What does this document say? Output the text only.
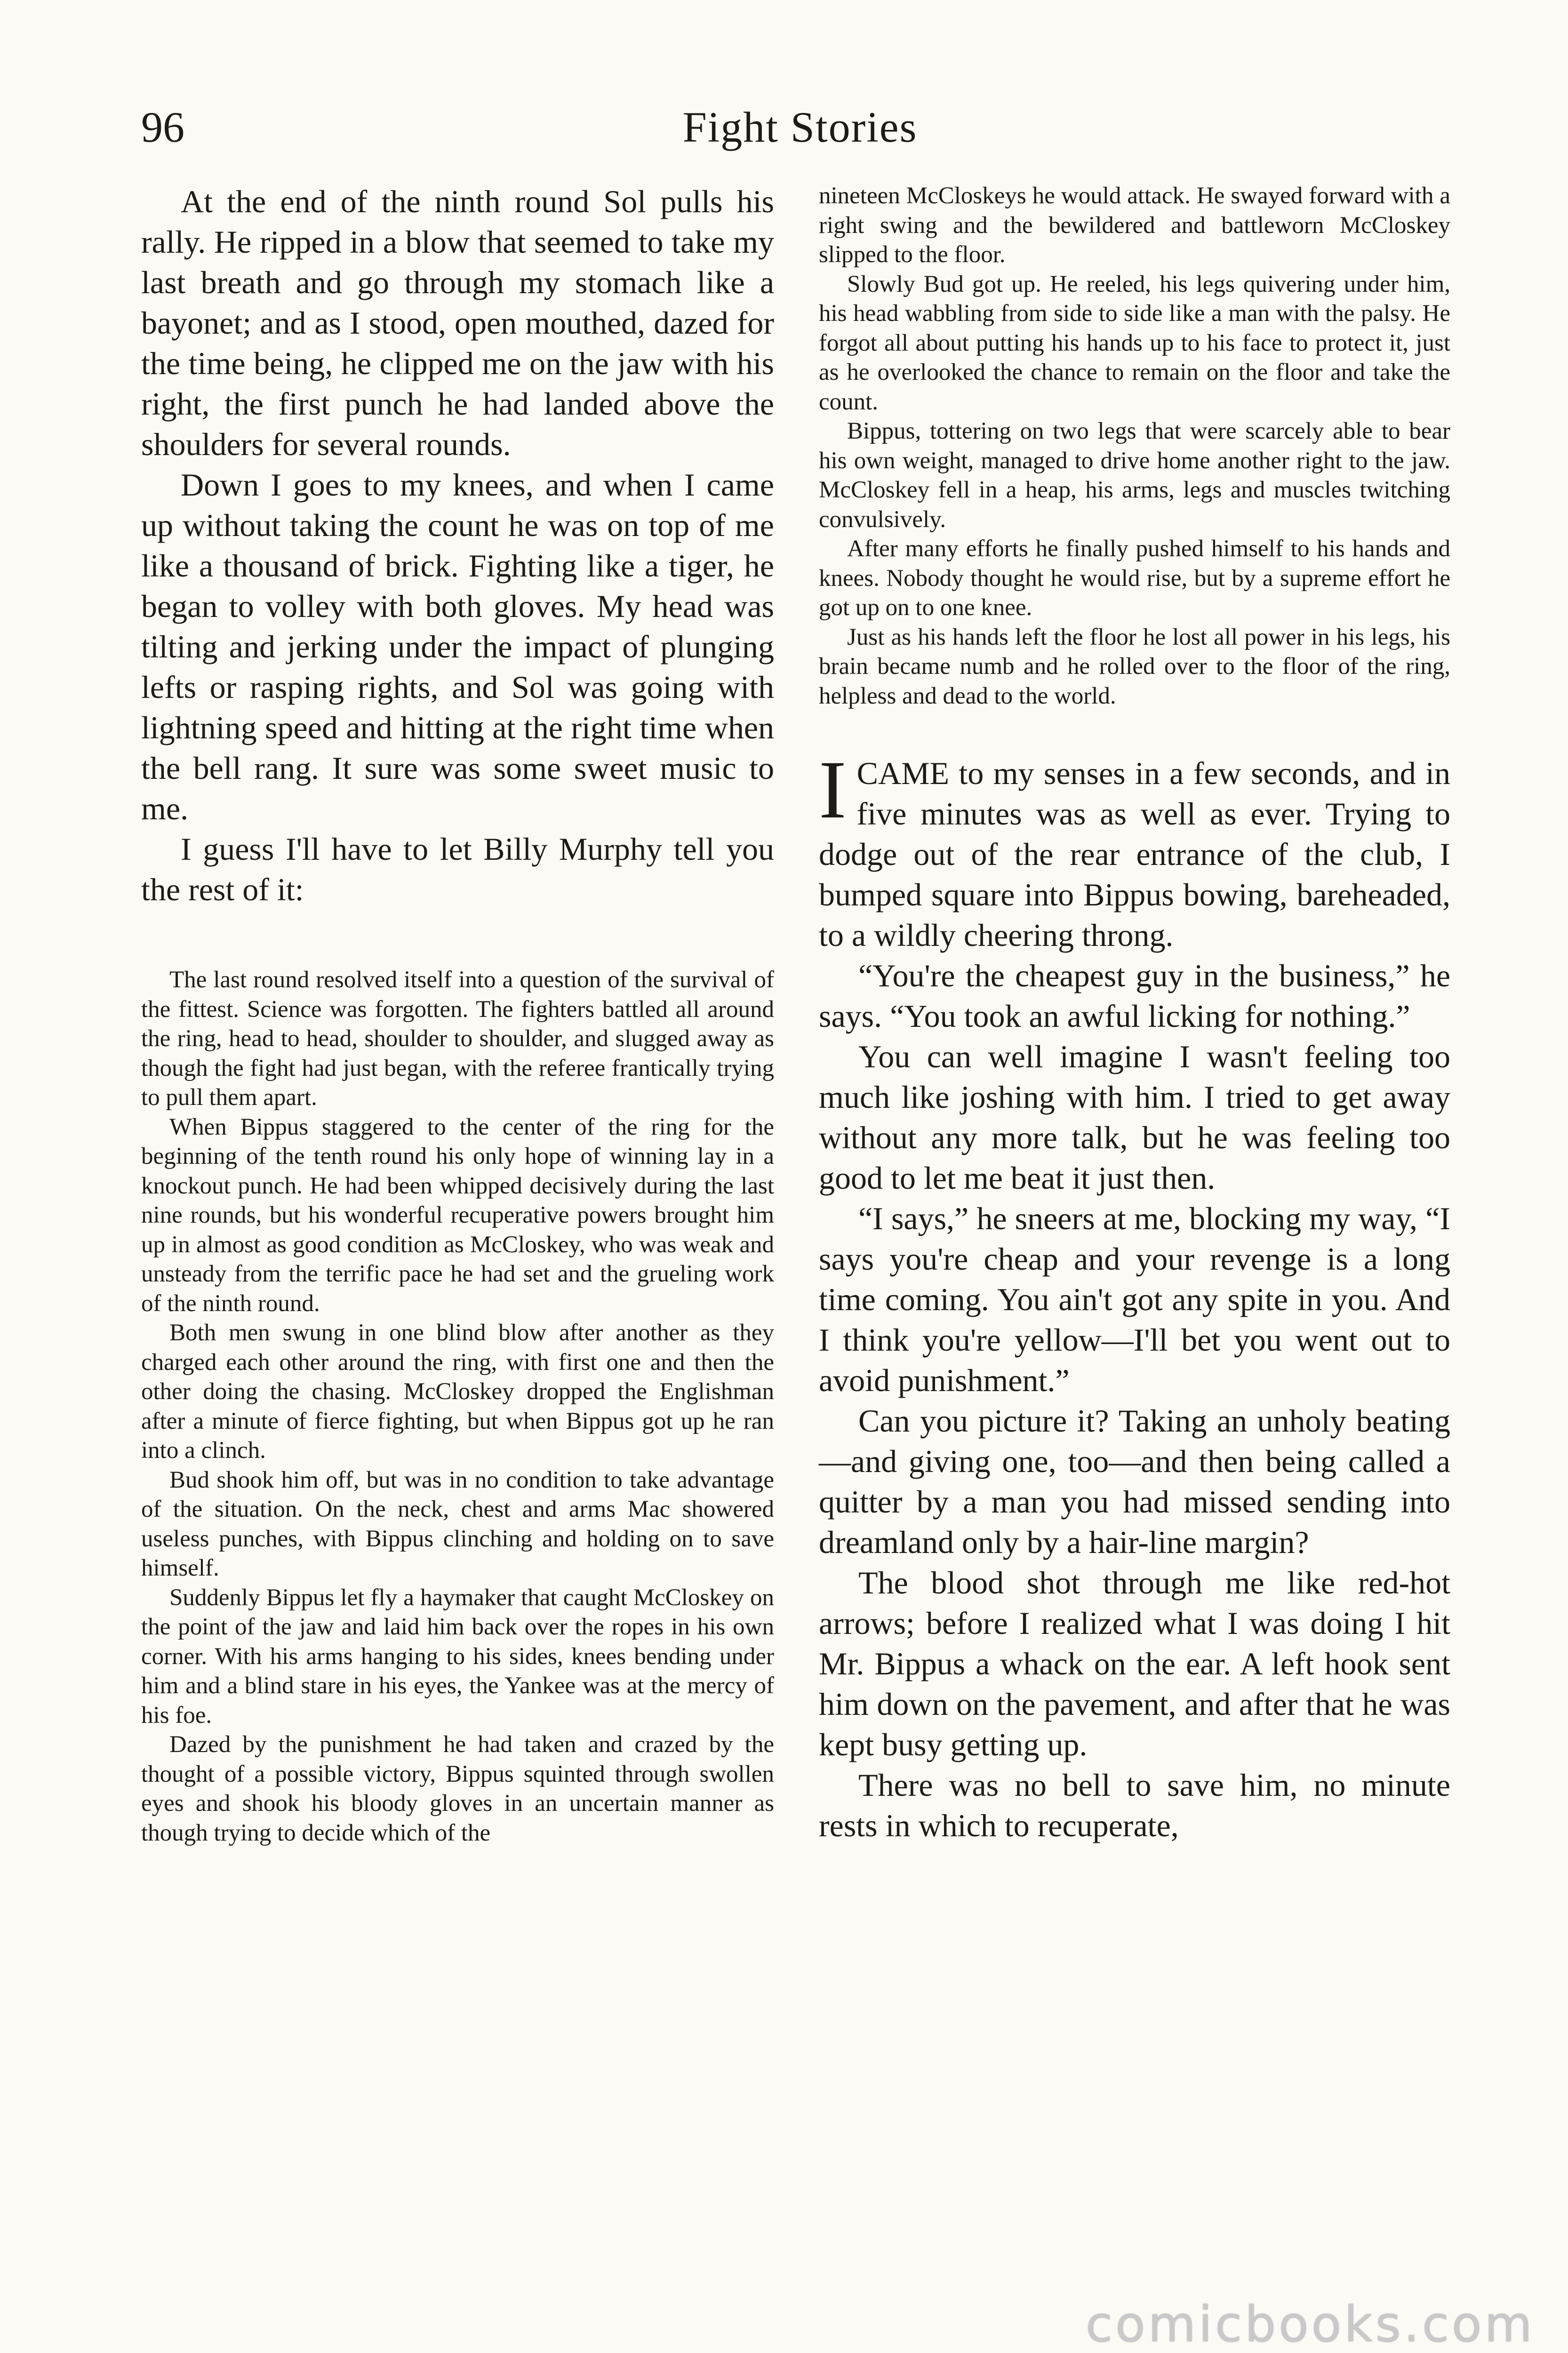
96	Fight Stories

At the end of the ninth round Sol pulls his rally. He ripped in a blow that seemed to take my last breath and go through my stomach like a bayonet; and as I stood, open mouthed, dazed for the time being, he clipped me on the jaw with his right, the first punch he had landed above the shoulders for several rounds.

Down I goes to my knees, and when I came up without taking the count he was on top of me like a thousand of brick. Fighting like a tiger, he began to volley with both gloves. My head was tilting and jerking under the impact of plunging lefts or rasping rights, and Sol was going with lightning speed and hitting at the right time when the bell rang. It sure was some sweet music to me.

I guess I'll have to let Billy Murphy tell you the rest of it:

The last round resolved itself into a question of the survival of the fittest. Science was forgotten. The fighters battled all around the ring, head to head, shoulder to shoulder, and slugged away as though the fight had just began, with the referee frantically trying to pull them apart.

When Bippus staggered to the center of the ring for the beginning of the tenth round his only hope of winning lay in a knockout punch. He had been whipped decisively during the last nine rounds, but his wonderful recuperative powers brought him up in almost as good condition as McCloskey, who was weak and unsteady from the terrific pace he had set and the grueling work of the ninth round.

Both men swung in one blind blow after another as they charged each other around the ring, with first one and then the other doing the chasing. McCloskey dropped the Englishman after a minute of fierce fighting, but when Bippus got up he ran into a clinch.

Bud shook him off, but was in no condition to take advantage of the situation. On the neck, chest and arms Mac showered useless punches, with Bippus clinching and holding on to save himself.

Suddenly Bippus let fly a haymaker that caught McCloskey on the point of the jaw and laid him back over the ropes in his own corner. With his arms hanging to his sides, knees bending under him and a blind stare in his eyes, the Yankee was at the mercy of his foe.

Dazed by the punishment he had taken and crazed by the thought of a possible victory, Bippus squinted through swollen eyes and shook his bloody gloves in an uncertain manner as though trying to decide which of the

nineteen McCloskeys he would attack. He swayed forward with a right swing and the bewildered and battleworn McCloskey slipped to the floor.

Slowly Bud got up. He reeled, his legs quivering under him, his head wabbling from side to side like a man with the palsy. He forgot all about putting his hands up to his face to protect it, just as he overlooked the chance to remain on the floor and take the count.

Bippus, tottering on two legs that were scarcely able to bear his own weight, managed to drive home another right to the jaw. McCloskey fell in a heap, his arms, legs and muscles twitching convulsively.

After many efforts he finally pushed himself to his hands and knees. Nobody thought he would rise, but by a supreme effort he got up on to one knee.

Just as his hands left the floor he lost all power in his legs, his brain became numb and he rolled over to the floor of the ring, helpless and dead to the world.

ICAME to my senses in a few seconds, and in five minutes was as well as ever. Trying to dodge out of the rear entrance of the club, I bumped square into Bippus bowing, bareheaded, to a wildly cheering throng.

“You're the cheapest guy in the business,” he says. “You took an awful licking for nothing.”

You can well imagine I wasn't feeling too much like joshing with him. I tried to get away without any more talk, but he was feeling too good to let me beat it just then.

“I says,” he sneers at me, blocking my way, “I says you're cheap and your revenge is a long time coming. You ain't got any spite in you. And I think you're yellow—I'll bet you went out to avoid punishment.”

Can you picture it? Taking an unholy beating—and giving one, too—and then being called a quitter by a man you had missed sending into dreamland only by a hair-line margin?

The blood shot through me like red-hot arrows; before I realized what I was doing I hit Mr. Bippus a whack on the ear. A left hook sent him down on the pavement, and after that he was kept busy getting up.

There was no bell to save him, no minute rests in which to recuperate,

comicbooks.com
